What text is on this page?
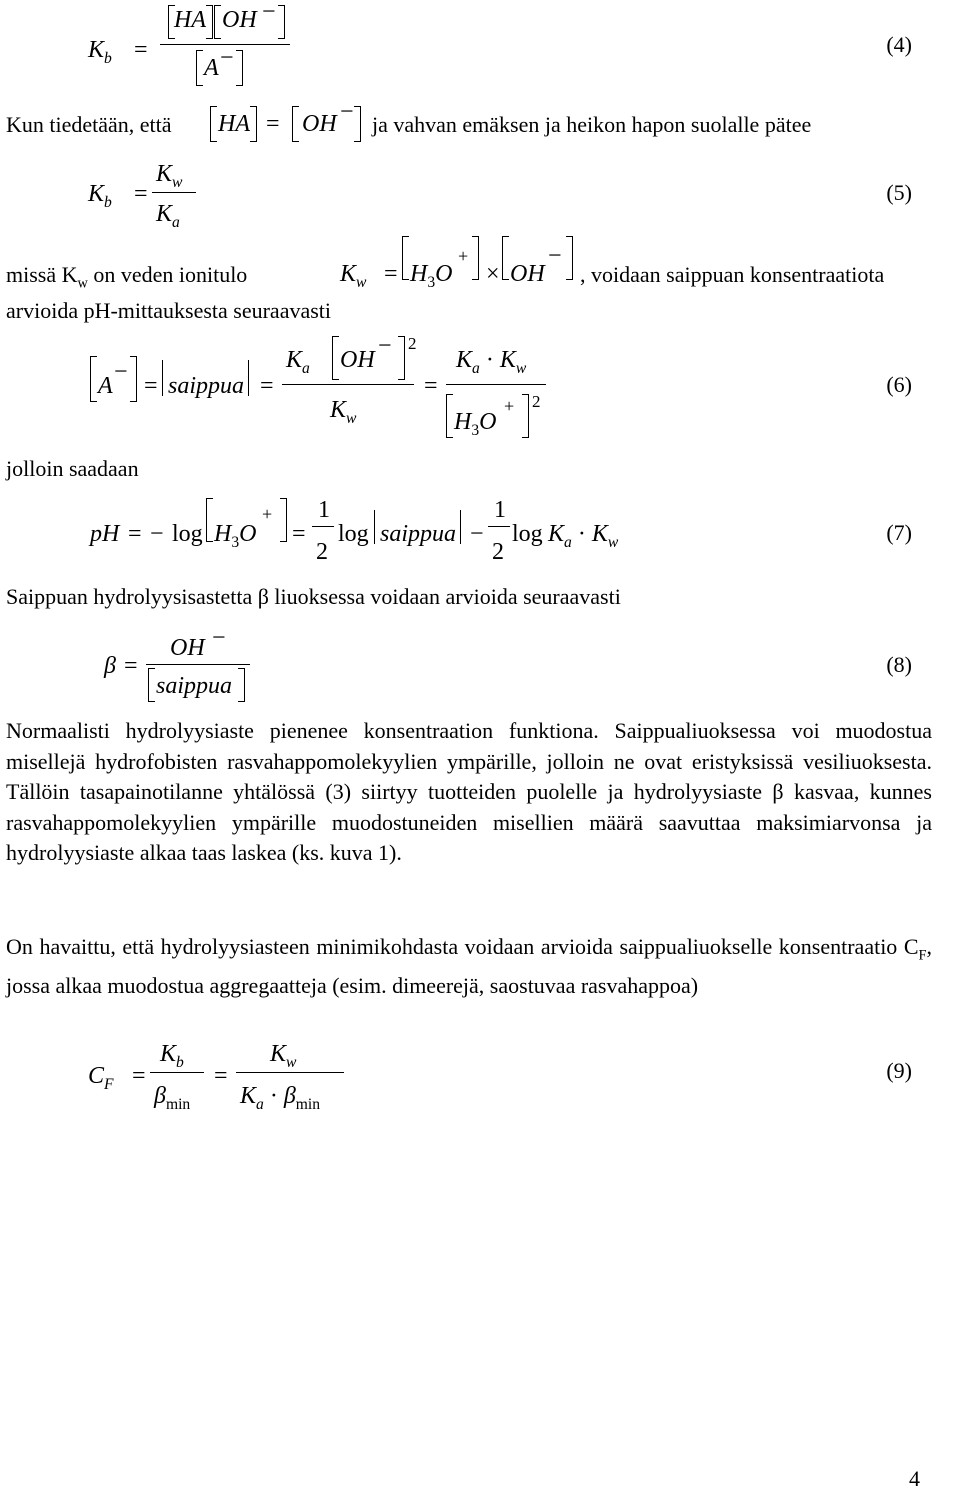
$K_b$ =
HA OH −
A −
(4)
Kun tiedetään, että HA = OH − ja vahvan emäksen ja heikon hapon suolalle pätee
$K_b$ =
$K_w$
$K_a$
(5)
missä $K_w$ on veden ionitulo	$K_w = H_3O$
+
× OH
−
, voidaan saippuan konsentraatiota
arvioida pH-mittauksesta seuraavasti
A
−
= saippua =
$K_a$ OH
− 2
$K_w$
=
$K_a \cdot K_w$
$H_3O$
+ 2
(6)
jolloin saadaan
pH = − $\log H_3O$
+
=
1
2
log saippua −
1
2
$\log K_a \cdot K_w$	(7)
Saippuan hydrolyysisastetta β liuoksessa voidaan arvioida seuraavasti
β =
OH −
saippua
(8)
Normaalisti hydrolyysiaste pienenee konsentraation funktiona. Saippualiuoksessa voi muodostua misellejä hydrofobisten rasvahappomolekyylien ympärille, jolloin ne ovat eristyksissä vesiliuoksesta. Tällöin tasapainotilanne yhtälössä (3) siirtyy tuotteiden puolelle ja hydrolyysiaste β kasvaa, kunnes rasvahappomolekyylien ympärille muodostuneiden misellien määrä saavuttaa maksimiarvonsa ja hydrolyysiaste alkaa taas laskea (ks. kuva 1).
On havaittu, että hydrolyysiasteen minimikohdasta voidaan arvioida saippualiuokselle konsentraatio $C_F$, jossa alkaa muodostua aggregaatteja (esim. dimeerejä, saostuvaa rasvahappoa)
$C_F$ =
$K_b$
$\beta_{min}$
=
$K_w$
$K_a \cdot \beta_{min}$
(9)
4
